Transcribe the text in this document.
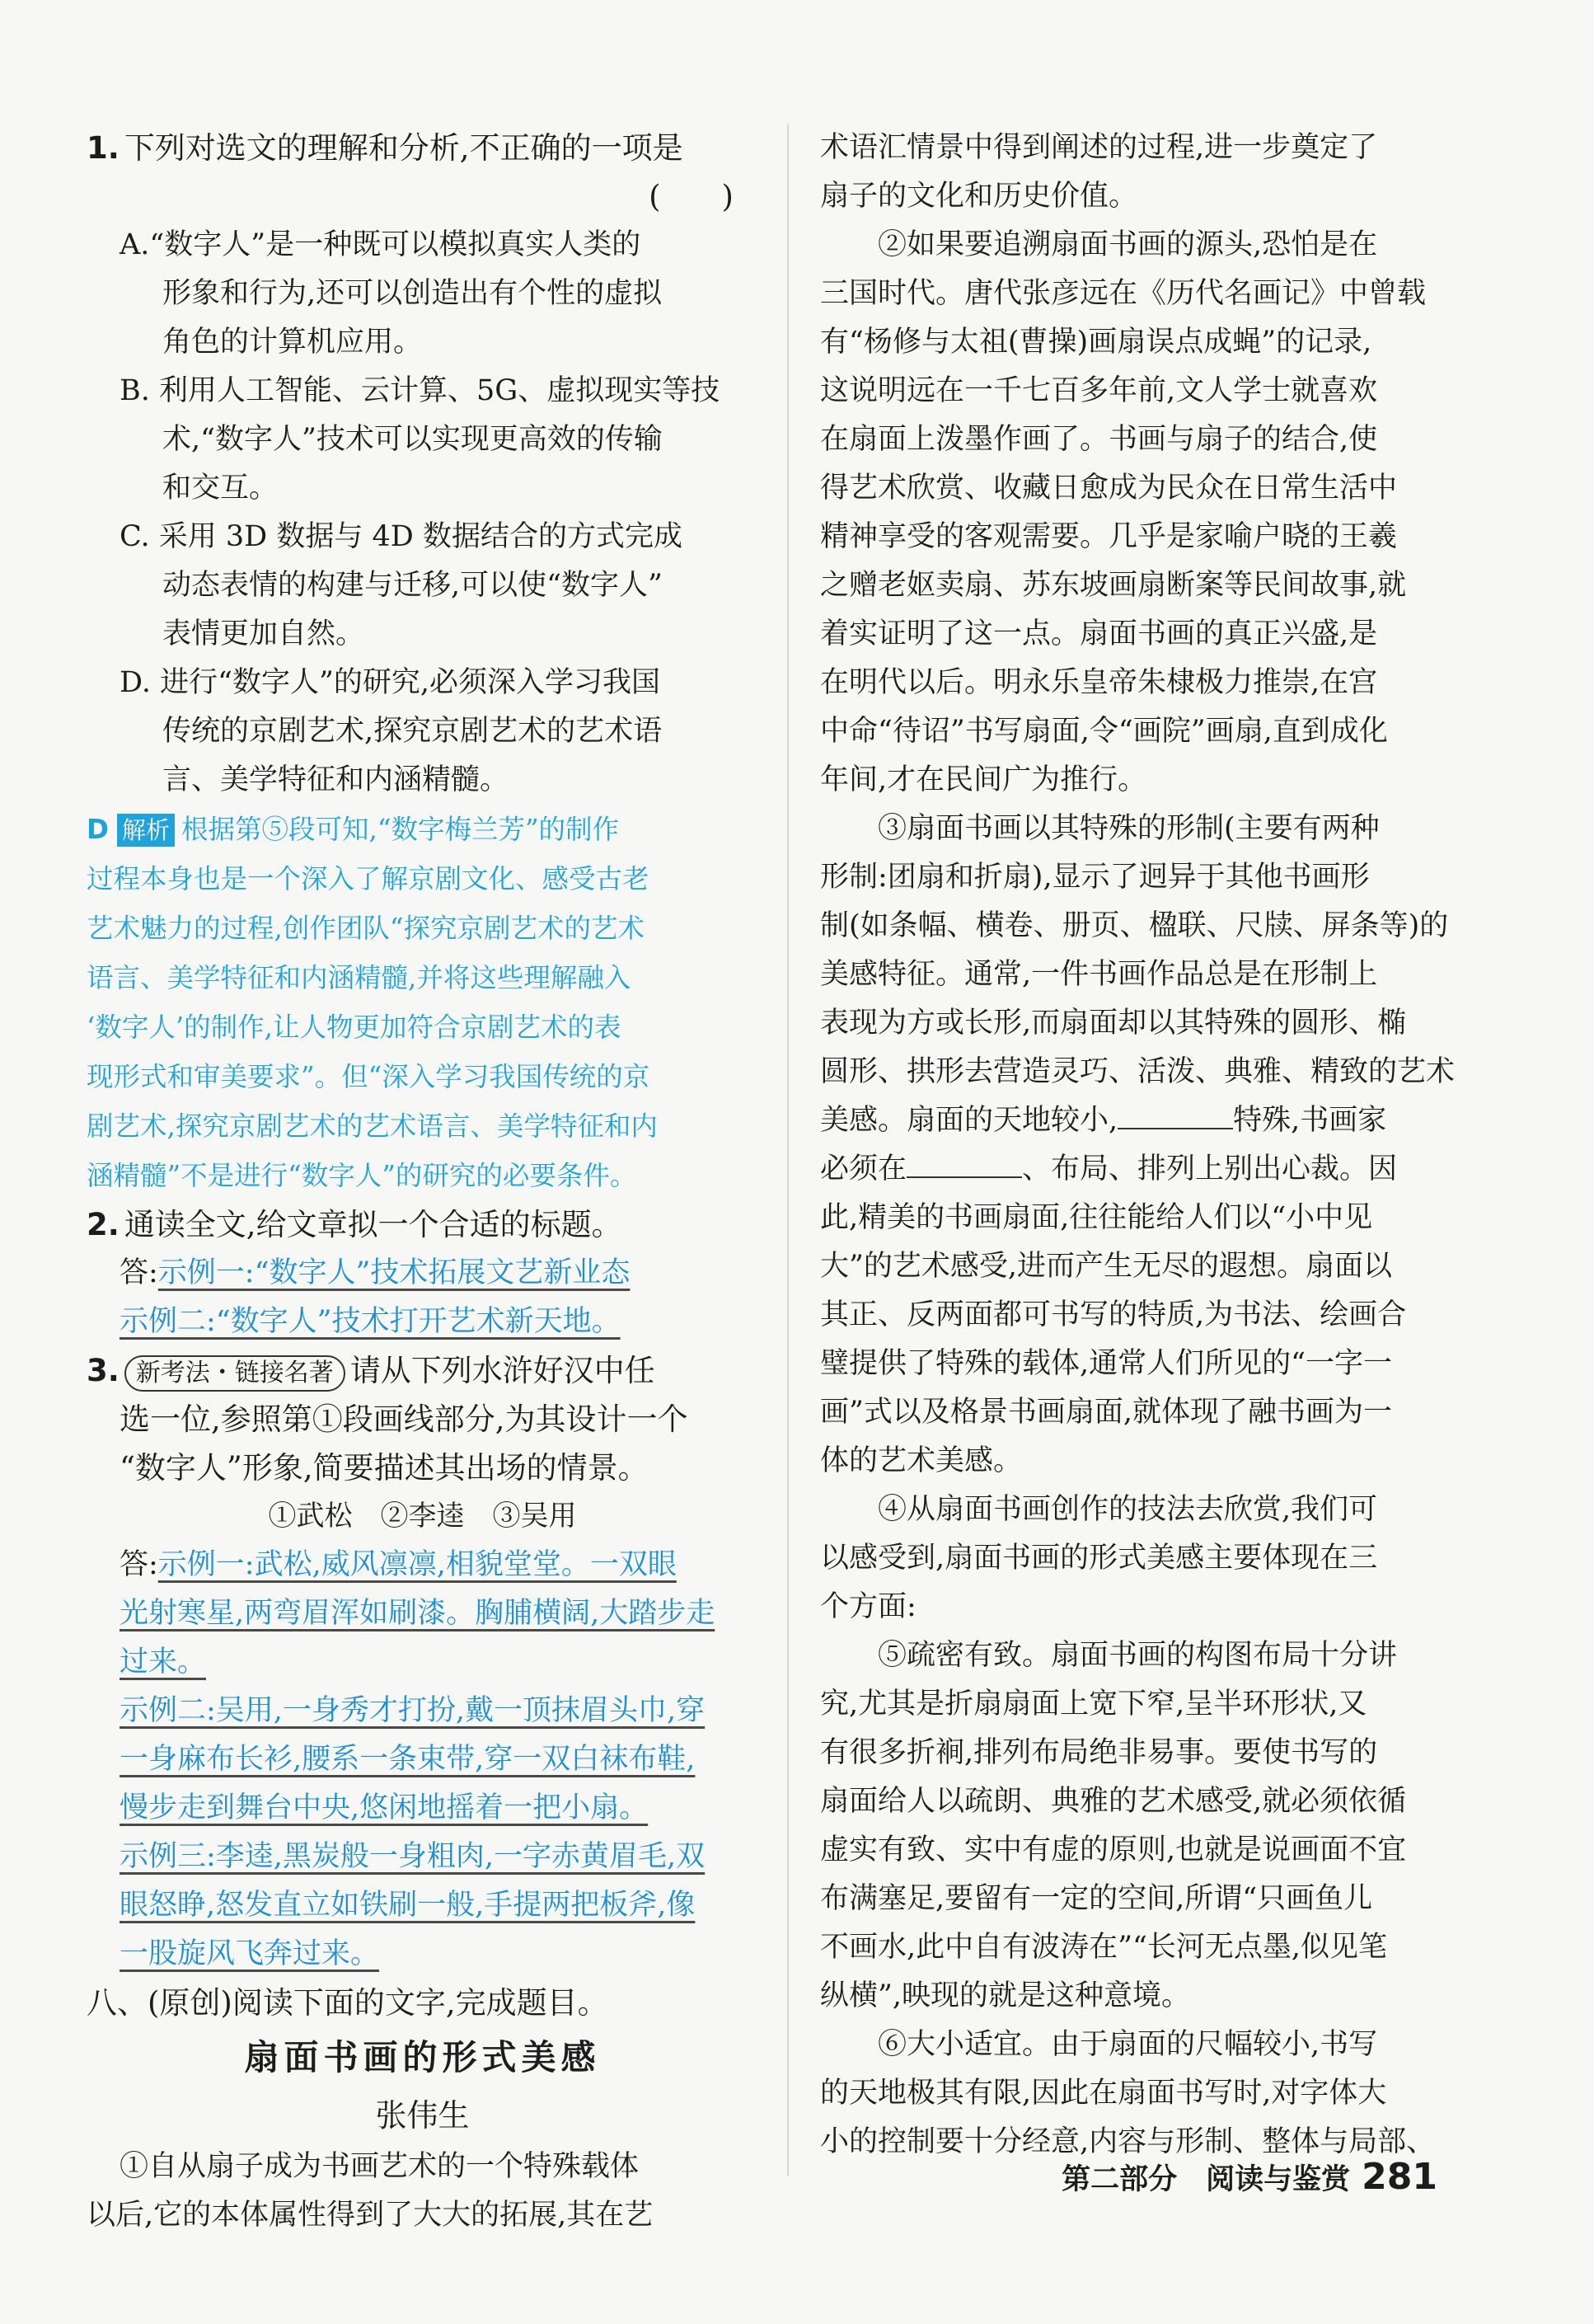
1. 下列对选文的理解和分析,不正确的一项是
(　　)
A.“数字人”是一种既可以模拟真实人类的
形象和行为,还可以创造出有个性的虚拟
角色的计算机应用。
B. 利用人工智能、云计算、5G、虚拟现实等技
术,“数字人”技术可以实现更高效的传输
和交互。
C. 采用 3D 数据与 4D 数据结合的方式完成
动态表情的构建与迁移,可以使“数字人”
表情更加自然。
D. 进行“数字人”的研究,必须深入学习我国
传统的京剧艺术,探究京剧艺术的艺术语
言、美学特征和内涵精髓。
D 解析 根据第⑤段可知,“数字梅兰芳”的制作
过程本身也是一个深入了解京剧文化、感受古老
艺术魅力的过程,创作团队“探究京剧艺术的艺术
语言、美学特征和内涵精髓,并将这些理解融入
‘数字人’的制作,让人物更加符合京剧艺术的表
现形式和审美要求”。但“深入学习我国传统的京
剧艺术,探究京剧艺术的艺术语言、美学特征和内
涵精髓”不是进行“数字人”的研究的必要条件。
2. 通读全文,给文章拟一个合适的标题。
答:示例一:“数字人”技术拓展文艺新业态
示例二:“数字人”技术打开艺术新天地。
3. 新考法・链接名著 请从下列水浒好汉中任
选一位,参照第①段画线部分,为其设计一个
“数字人”形象,简要描述其出场的情景。
①武松　②李逵　③吴用
答:示例一:武松,威风凛凛,相貌堂堂。一双眼
光射寒星,两弯眉浑如刷漆。胸脯横阔,大踏步走
过来。
示例二:吴用,一身秀才打扮,戴一顶抹眉头巾,穿
一身麻布长衫,腰系一条束带,穿一双白袜布鞋,
慢步走到舞台中央,悠闲地摇着一把小扇。
示例三:李逵,黑炭般一身粗肉,一字赤黄眉毛,双
眼怒睁,怒发直立如铁刷一般,手提两把板斧,像
一股旋风飞奔过来。
八、(原创)阅读下面的文字,完成题目。
扇面书画的形式美感
张伟生
①自从扇子成为书画艺术的一个特殊载体
以后,它的本体属性得到了大大的拓展,其在艺
术语汇情景中得到阐述的过程,进一步奠定了
扇子的文化和历史价值。
　　②如果要追溯扇面书画的源头,恐怕是在
三国时代。唐代张彦远在《历代名画记》中曾载
有“杨修与太祖(曹操)画扇误点成蝇”的记录,
这说明远在一千七百多年前,文人学士就喜欢
在扇面上泼墨作画了。书画与扇子的结合,使
得艺术欣赏、收藏日愈成为民众在日常生活中
精神享受的客观需要。几乎是家喻户晓的王羲
之赠老妪卖扇、苏东坡画扇断案等民间故事,就
着实证明了这一点。扇面书画的真正兴盛,是
在明代以后。明永乐皇帝朱棣极力推崇,在宫
中命“待诏”书写扇面,令“画院”画扇,直到成化
年间,才在民间广为推行。
　　③扇面书画以其特殊的形制(主要有两种
形制:团扇和折扇),显示了迥异于其他书画形
制(如条幅、横卷、册页、楹联、尺牍、屏条等)的
美感特征。通常,一件书画作品总是在形制上
表现为方或长形,而扇面却以其特殊的圆形、椭
圆形、拱形去营造灵巧、活泼、典雅、精致的艺术
美感。扇面的天地较小,	特殊,书画家
必须在	、布局、排列上别出心裁。因
此,精美的书画扇面,往往能给人们以“小中见
大”的艺术感受,进而产生无尽的遐想。扇面以
其正、反两面都可书写的特质,为书法、绘画合
璧提供了特殊的载体,通常人们所见的“一字一
画”式以及格景书画扇面,就体现了融书画为一
体的艺术美感。
　　④从扇面书画创作的技法去欣赏,我们可
以感受到,扇面书画的形式美感主要体现在三
个方面:
　　⑤疏密有致。扇面书画的构图布局十分讲
究,尤其是折扇扇面上宽下窄,呈半环形状,又
有很多折裥,排列布局绝非易事。要使书写的
扇面给人以疏朗、典雅的艺术感受,就必须依循
虚实有致、实中有虚的原则,也就是说画面不宜
布满塞足,要留有一定的空间,所谓“只画鱼儿
不画水,此中自有波涛在”“长河无点墨,似见笔
纵横”,映现的就是这种意境。
　　⑥大小适宜。由于扇面的尺幅较小,书写
的天地极其有限,因此在扇面书写时,对字体大
小的控制要十分经意,内容与形制、整体与局部、
第二部分　阅读与鉴赏 281
